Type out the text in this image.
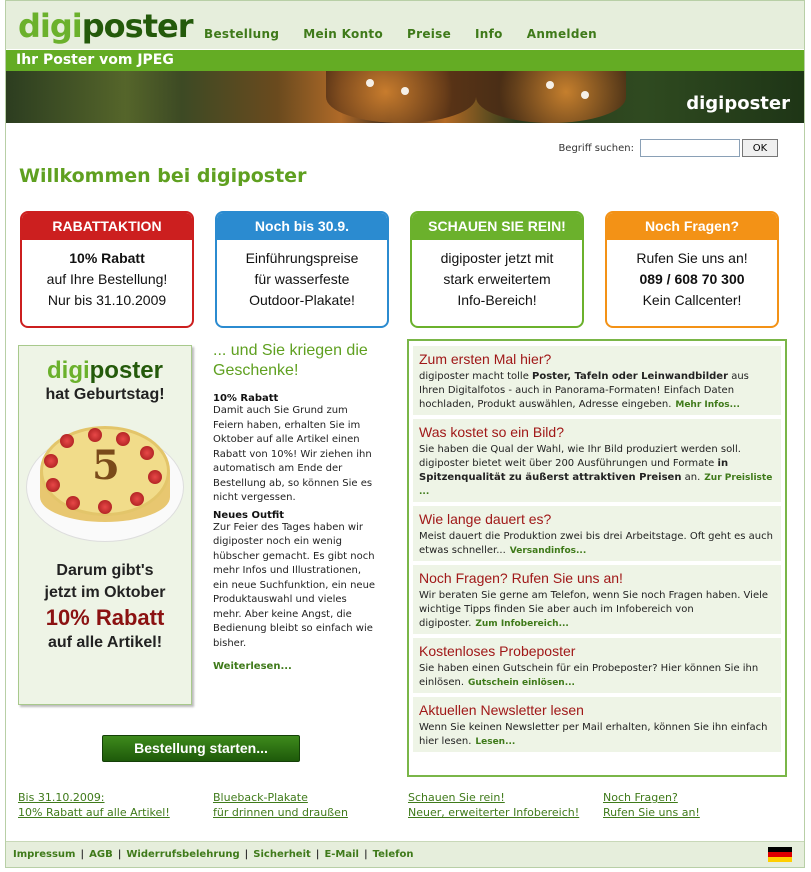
digiposter Bestellung Mein Konto Preise Info Anmelden
Ihr Poster vom JPEG
digiposter
Begriff suchen:	OK
Willkommen bei digiposter
RABATTAKTION
10% Rabatt
auf Ihre Bestellung!
Nur bis 31.10.2009
Noch bis 30.9.
Einführungspreise
für wasserfeste
Outdoor-Plakate!
SCHAUEN SIE REIN!
digiposter jetzt mit
stark erweitertem
Info-Bereich!
Noch Fragen?
Rufen Sie uns an!
089 / 608 70 300
Kein Callcenter!
digiposter
hat Geburtstag!
5
Darum gibt's
jetzt im Oktober
10% Rabatt
auf alle Artikel!
... und Sie kriegen die Geschenke!
10% Rabatt

Damit auch Sie Grund zum Feiern haben, erhalten Sie im Oktober auf alle Artikel einen Rabatt von 10%! Wir ziehen ihn automatisch am Ende der Bestellung ab, so können Sie es nicht vergessen.

Neues Outfit

Zur Feier des Tages haben wir digiposter noch ein wenig hübscher gemacht. Es gibt noch mehr Infos und Illustrationen, ein neue Suchfunktion, ein neue Produktauswahl und vieles mehr. Aber keine Angst, die Bedienung bleibt so einfach wie bisher.

Weiterlesen...
Zum ersten Mal hier?

digiposter macht tolle Poster, Tafeln oder Leinwandbilder aus Ihren Digitalfotos - auch in Panorama-Formaten! Einfach Daten hochladen, Produkt auswählen, Adresse eingeben. Mehr Infos...

Was kostet so ein Bild?

Sie haben die Qual der Wahl, wie Ihr Bild produziert werden soll. digiposter bietet weit über 200 Ausführungen und Formate in Spitzenqualität zu äußerst attraktiven Preisen an. Zur Preisliste ...

Wie lange dauert es?

Meist dauert die Produktion zwei bis drei Arbeitstage. Oft geht es auch etwas schneller... Versandinfos...

Noch Fragen? Rufen Sie uns an!

Wir beraten Sie gerne am Telefon, wenn Sie noch Fragen haben. Viele wichtige Tipps finden Sie aber auch im Infobereich von digiposter. Zum Infobereich...

Kostenloses Probeposter

Sie haben einen Gutschein für ein Probeposter? Hier können Sie ihn einlösen. Gutschein einlösen...

Aktuellen Newsletter lesen

Wenn Sie keinen Newsletter per Mail erhalten, können Sie ihn einfach hier lesen. Lesen...

Bestellung starten...
Bis 31.10.2009:
10% Rabatt auf alle Artikel!
Blueback-Plakate
für drinnen und draußen
Schauen Sie rein!
Neuer, erweiterter Infobereich!
Noch Fragen?
Rufen Sie uns an!
Impressum | AGB | Widerrufsbelehrung | Sicherheit | E-Mail | Telefon
